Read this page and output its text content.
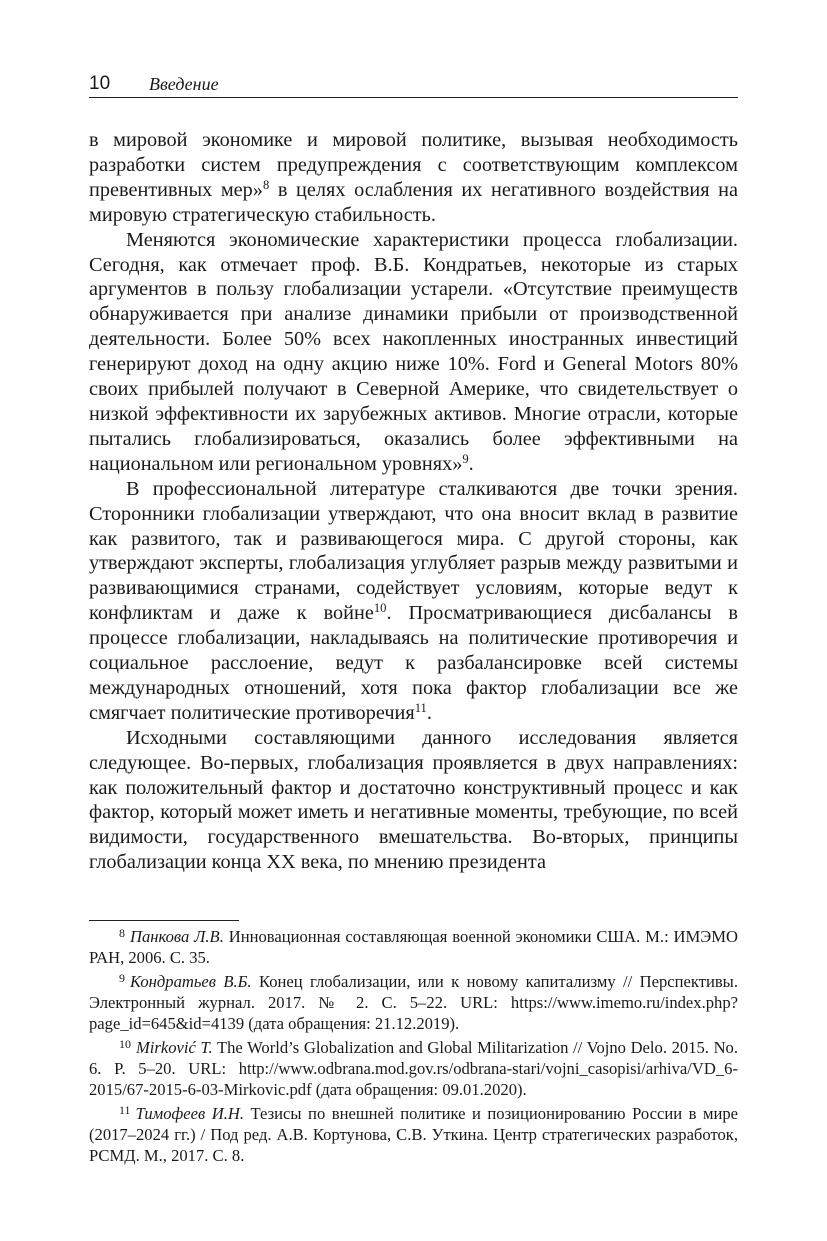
10 Введение

в мировой экономике и мировой политике, вызывая необходимость разработки систем предупреждения с соответствующим комплексом превентивных мер»$^8$ в целях ослабления их негативного воздействия на мировую стратегическую стабильность.

Меняются экономические характеристики процесса глобализации. Сегодня, как отмечает проф. В.Б. Кондратьев, некоторые из старых аргументов в пользу глобализации устарели. «Отсутствие преимуществ обнаруживается при анализе динамики прибыли от производственной деятельности. Более 50% всех накопленных иностранных инвестиций генерируют доход на одну акцию ниже 10%. Ford и General Motors 80% своих прибылей получают в Северной Америке, что свидетельствует о низкой эффективности их зарубежных активов. Многие отрасли, которые пытались глобализироваться, оказались более эффективными на национальном или региональном уровнях»$^9$.

В профессиональной литературе сталкиваются две точки зрения. Сторонники глобализации утверждают, что она вносит вклад в развитие как развитого, так и развивающегося мира. С другой стороны, как утверждают эксперты, глобализация углубляет разрыв между развитыми и развивающимися странами, содействует условиям, которые ведут к конфликтам и даже к войне$^{10}$. Просматривающиеся дисбалансы в процессе глобализации, накладываясь на политические противоречия и социальное расслоение, ведут к разбалансировке всей системы международных отношений, хотя пока фактор глобализации все же смягчает политические противоречия$^{11}$.

Исходными составляющими данного исследования является следующее. Во-первых, глобализация проявляется в двух направлениях: как положительный фактор и достаточно конструктивный процесс и как фактор, который может иметь и негативные моменты, требующие, по всей видимости, государственного вмешательства. Во-вторых, принципы глобализации конца XX века, по мнению президента

$^8$ Панкова Л.В. Инновационная составляющая военной экономики США. М.: ИМЭМО РАН, 2006. С. 35.

$^9$ Кондратьев В.Б. Конец глобализации, или к новому капитализму // Перспективы. Электронный журнал. 2017. № 2. С. 5–22. URL: https://www.imemo.ru/index.php?page_id=645&id=4139 (дата обращения: 21.12.2019).

$^{10}$ Mirković T. The World’s Globalization and Global Militarization // Vojno Delo. 2015. No. 6. P. 5–20. URL: http://www.odbrana.mod.gov.rs/odbrana-stari/vojni_casopisi/arhiva/VD_6-2015/67-2015-6-03-Mirkovic.pdf (дата обращения: 09.01.2020).

$^{11}$ Тимофеев И.Н. Тезисы по внешней политике и позиционированию России в мире (2017–2024 гг.) / Под ред. А.В. Кортунова, С.В. Уткина. Центр стратегических разработок, РСМД. М., 2017. С. 8.
